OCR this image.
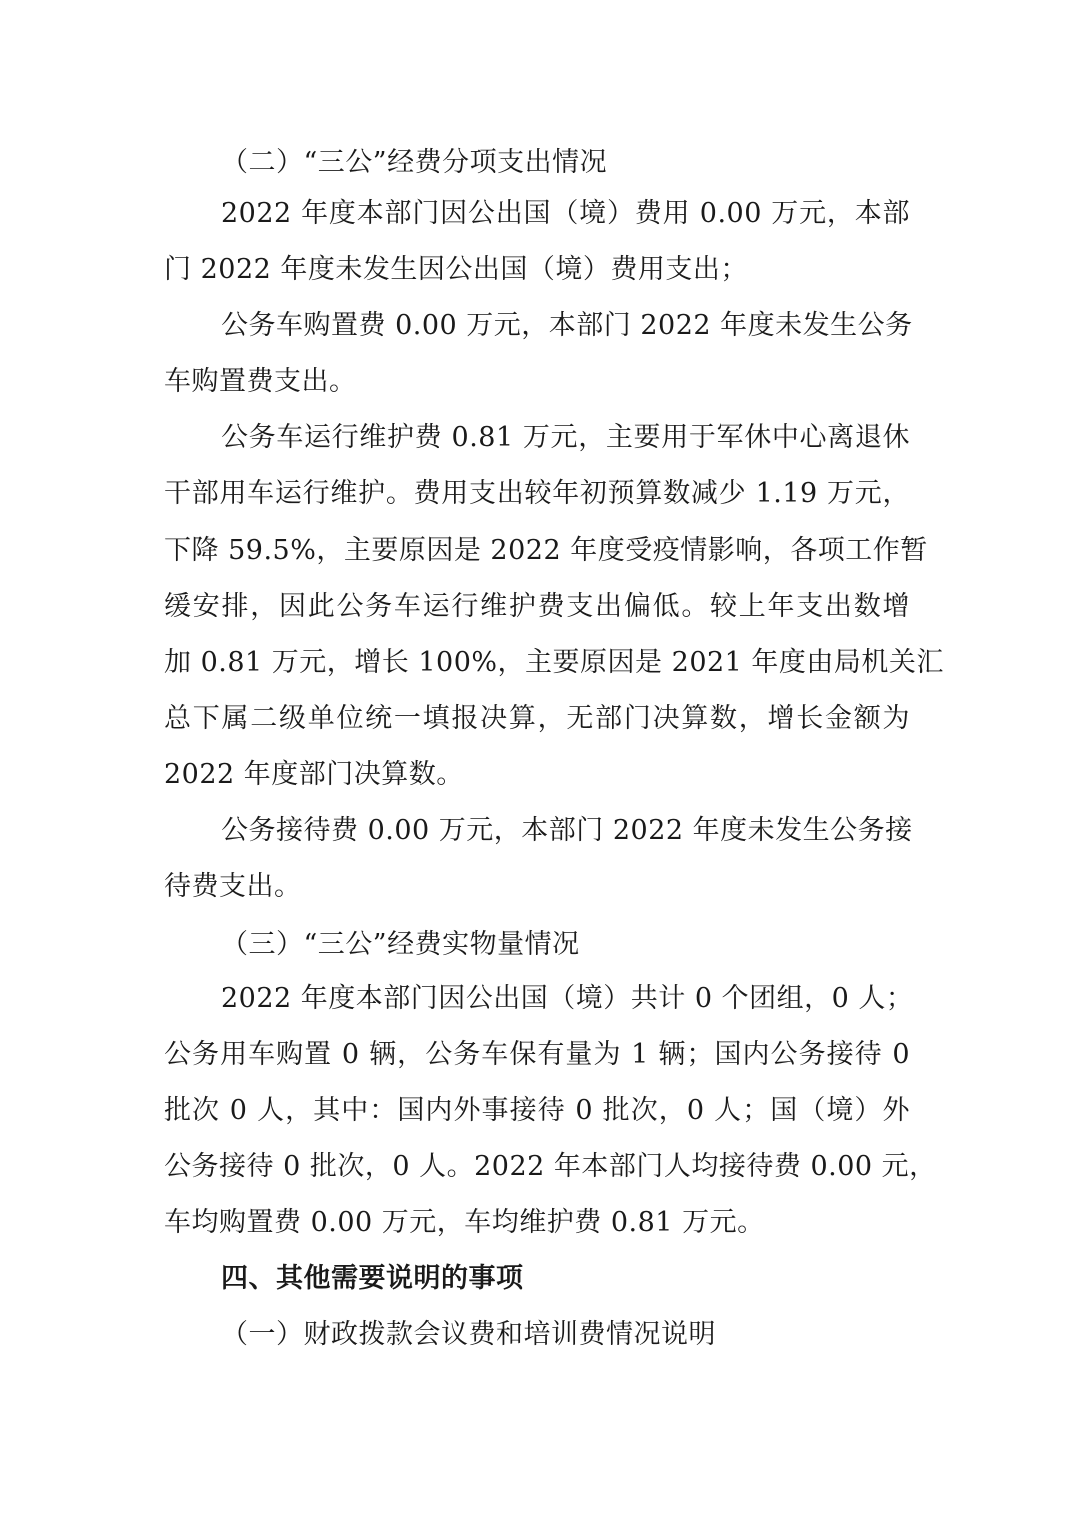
（二）“三公”经费分项支出情况
2022 年度本部门因公出国（境）费用 0.00 万元，本部
门 2022 年度未发生因公出国（境）费用支出；
公务车购置费 0.00 万元，本部门 2022 年度未发生公务
车购置费支出。
公务车运行维护费 0.81 万元，主要用于军休中心离退休
干部用车运行维护。费用支出较年初预算数减少 1.19 万元，
下降 59.5%，主要原因是 2022 年度受疫情影响，各项工作暂
缓安排，因此公务车运行维护费支出偏低。较上年支出数增
加 0.81 万元，增长 100%，主要原因是 2021 年度由局机关汇
总下属二级单位统一填报决算，无部门决算数，增长金额为
2022 年度部门决算数。
公务接待费 0.00 万元，本部门 2022 年度未发生公务接
待费支出。
（三）“三公”经费实物量情况
2022 年度本部门因公出国（境）共计 0 个团组，0 人；
公务用车购置 0 辆，公务车保有量为 1 辆；国内公务接待 0
批次 0 人，其中：国内外事接待 0 批次，0 人；国（境）外
公务接待 0 批次，0 人。2022 年本部门人均接待费 0.00 元，
车均购置费 0.00 万元，车均维护费 0.81 万元。
四、其他需要说明的事项
（一）财政拨款会议费和培训费情况说明
